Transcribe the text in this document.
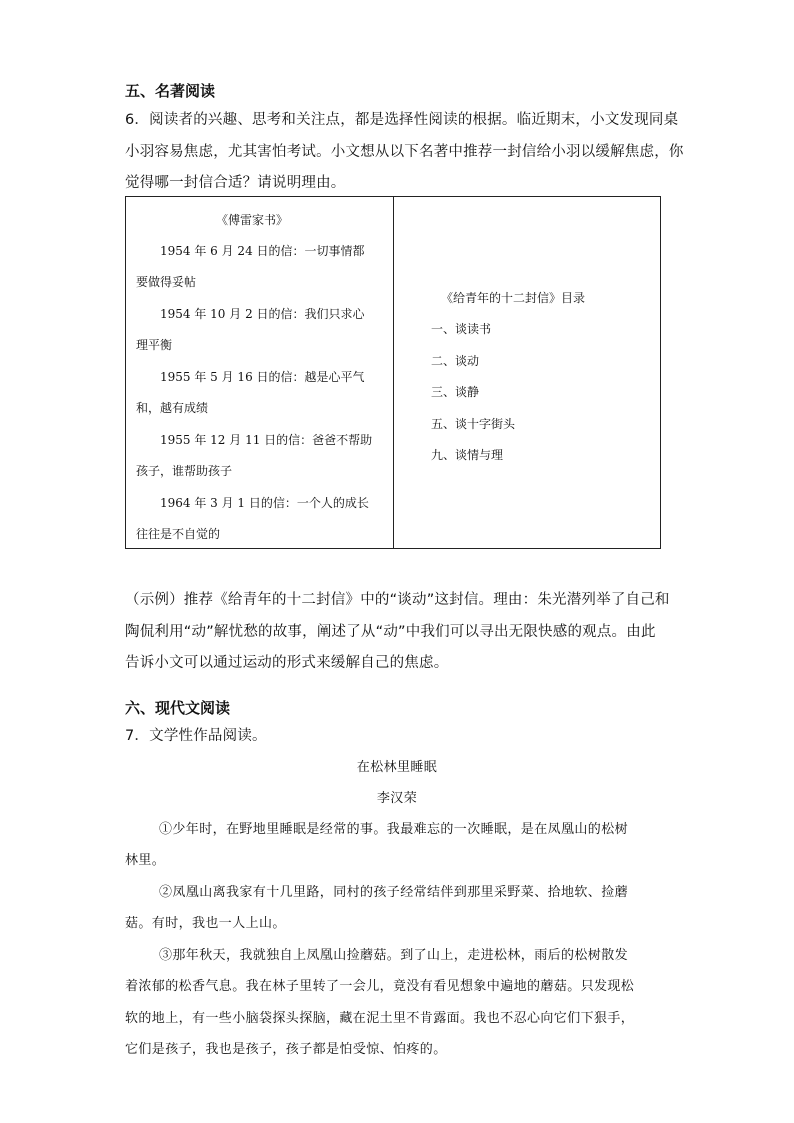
五、名著阅读
6．阅读者的兴趣、思考和关注点，都是选择性阅读的根据。临近期末，小文发现同桌
小羽容易焦虑，尤其害怕考试。小文想从以下名著中推荐一封信给小羽以缓解焦虑，你
觉得哪一封信合适？请说明理由。
《傅雷家书》
1954 年 6 月 24 日的信：一切事情都
要做得妥帖
1954 年 10 月 2 日的信：我们只求心
理平衡
1955 年 5 月 16 日的信：越是心平气
和，越有成绩
1955 年 12 月 11 日的信：爸爸不帮助
孩子，谁帮助孩子
1964 年 3 月 1 日的信：一个人的成长
往往是不自觉的
《给青年的十二封信》目录
一、谈读书
二、谈动
三、谈静
五、谈十字街头
九、谈情与理
（示例）推荐《给青年的十二封信》中的“谈动”这封信。理由：朱光潜列举了自己和
陶侃利用“动”解忧愁的故事，阐述了从“动”中我们可以寻出无限快感的观点。由此
告诉小文可以通过运动的形式来缓解自己的焦虑。
六、现代文阅读
7．文学性作品阅读。
在松林里睡眠
李汉荣
①少年时，在野地里睡眠是经常的事。我最难忘的一次睡眠，是在凤凰山的松树
林里。
②凤凰山离我家有十几里路，同村的孩子经常结伴到那里采野菜、拾地软、捡蘑
菇。有时，我也一人上山。
③那年秋天，我就独自上凤凰山捡蘑菇。到了山上，走进松林，雨后的松树散发
着浓郁的松香气息。我在林子里转了一会儿，竟没有看见想象中遍地的蘑菇。只发现松
软的地上，有一些小脑袋探头探脑，藏在泥土里不肯露面。我也不忍心向它们下狠手，
它们是孩子，我也是孩子，孩子都是怕受惊、怕疼的。
